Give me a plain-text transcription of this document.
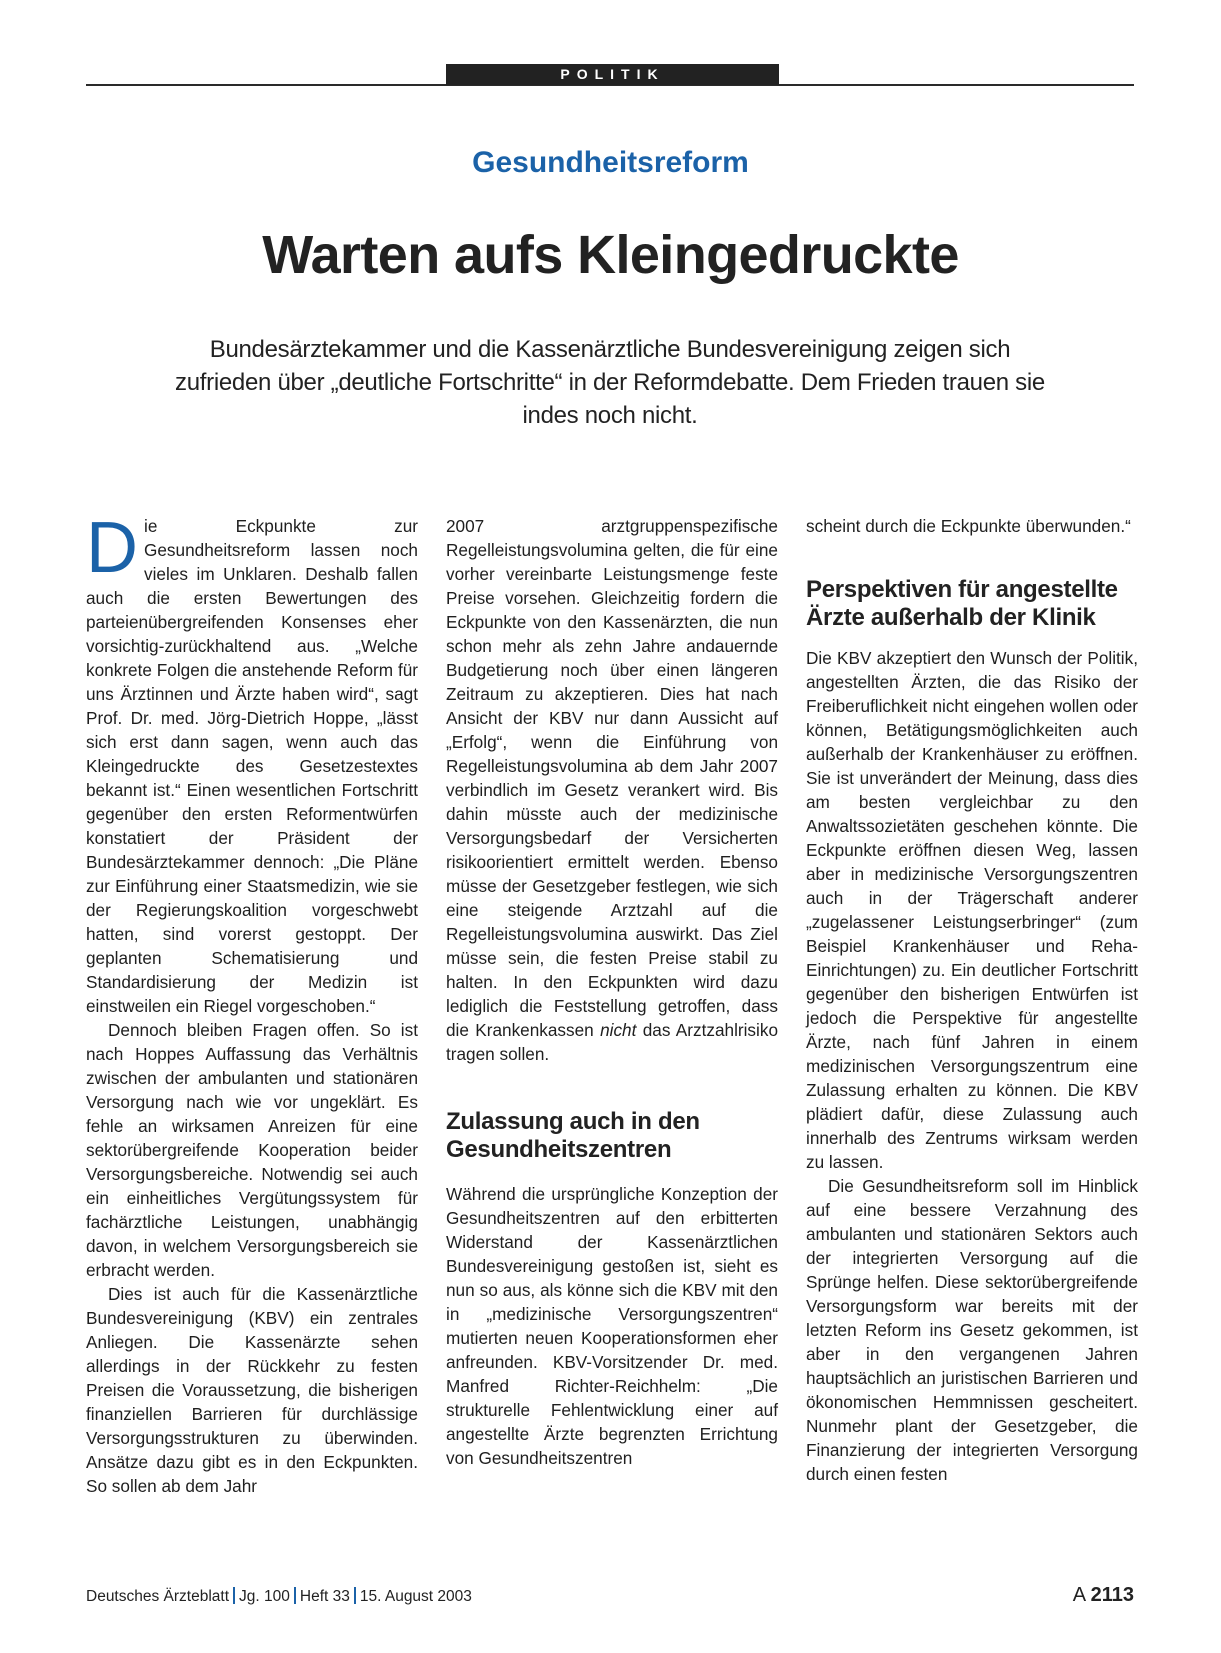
POLITIK
Gesundheitsreform
Warten aufs Kleingedruckte
Bundesärztekammer und die Kassenärztliche Bundesvereinigung zeigen sich zufrieden über „deutliche Fortschritte“ in der Reformdebatte. Dem Frieden trauen sie indes noch nicht.

Die Eckpunkte zur Gesundheitsreform lassen noch vieles im Unklaren. Deshalb fallen auch die ersten Bewertungen des parteienübergreifenden Konsenses eher vorsichtig-zurückhaltend aus. „Welche konkrete Folgen die anstehende Reform für uns Ärztinnen und Ärzte haben wird“, sagt Prof. Dr. med. Jörg-Dietrich Hoppe, „lässt sich erst dann sagen, wenn auch das Kleingedruckte des Gesetzestextes bekannt ist.“ Einen wesentlichen Fortschritt gegenüber den ersten Reformentwürfen konstatiert der Präsident der Bundesärztekammer dennoch: „Die Pläne zur Einführung einer Staatsmedizin, wie sie der Regierungskoalition vorgeschwebt hatten, sind vorerst gestoppt. Der geplanten Schematisierung und Standardisierung der Medizin ist einstweilen ein Riegel vorgeschoben.“

Dennoch bleiben Fragen offen. So ist nach Hoppes Auffassung das Verhältnis zwischen der ambulanten und stationären Versorgung nach wie vor ungeklärt. Es fehle an wirksamen Anreizen für eine sektorübergreifende Kooperation beider Versorgungsbereiche. Notwendig sei auch ein einheitliches Vergütungssystem für fachärztliche Leistungen, unabhängig davon, in welchem Versorgungsbereich sie erbracht werden.

Dies ist auch für die Kassenärztliche Bundesvereinigung (KBV) ein zentrales Anliegen. Die Kassenärzte sehen allerdings in der Rückkehr zu festen Preisen die Voraussetzung, die bisherigen finanziellen Barrieren für durchlässige Versorgungsstrukturen zu überwinden. Ansätze dazu gibt es in den Eckpunkten. So sollen ab dem Jahr

2007 arztgruppenspezifische Regelleistungsvolumina gelten, die für eine vorher vereinbarte Leistungsmenge feste Preise vorsehen. Gleichzeitig fordern die Eckpunkte von den Kassenärzten, die nun schon mehr als zehn Jahre andauernde Budgetierung noch über einen längeren Zeitraum zu akzeptieren. Dies hat nach Ansicht der KBV nur dann Aussicht auf „Erfolg“, wenn die Einführung von Regelleistungsvolumina ab dem Jahr 2007 verbindlich im Gesetz verankert wird. Bis dahin müsste auch der medizinische Versorgungsbedarf der Versicherten risikoorientiert ermittelt werden. Ebenso müsse der Gesetzgeber festlegen, wie sich eine steigende Arztzahl auf die Regelleistungsvolumina auswirkt. Das Ziel müsse sein, die festen Preise stabil zu halten. In den Eckpunkten wird dazu lediglich die Feststellung getroffen, dass die Krankenkassen nicht das Arztzahlrisiko tragen sollen.

Zulassung auch in den Gesundheitszentren

Während die ursprüngliche Konzeption der Gesundheitszentren auf den erbitterten Widerstand der Kassenärztlichen Bundesvereinigung gestoßen ist, sieht es nun so aus, als könne sich die KBV mit den in „medizinische Versorgungszentren“ mutierten neuen Kooperationsformen eher anfreunden. KBV-Vorsitzender Dr. med. Manfred Richter-Reichhelm: „Die strukturelle Fehlentwicklung einer auf angestellte Ärzte begrenzten Errichtung von Gesundheitszentren

scheint durch die Eckpunkte überwunden.“

Perspektiven für angestellte Ärzte außerhalb der Klinik

Die KBV akzeptiert den Wunsch der Politik, angestellten Ärzten, die das Risiko der Freiberuflichkeit nicht eingehen wollen oder können, Betätigungsmöglichkeiten auch außerhalb der Krankenhäuser zu eröffnen. Sie ist unverändert der Meinung, dass dies am besten vergleichbar zu den Anwaltssozietäten geschehen könnte. Die Eckpunkte eröffnen diesen Weg, lassen aber in medizinische Versorgungszentren auch in der Trägerschaft anderer „zugelassener Leistungserbringer“ (zum Beispiel Krankenhäuser und Reha-Einrichtungen) zu. Ein deutlicher Fortschritt gegenüber den bisherigen Entwürfen ist jedoch die Perspektive für angestellte Ärzte, nach fünf Jahren in einem medizinischen Versorgungszentrum eine Zulassung erhalten zu können. Die KBV plädiert dafür, diese Zulassung auch innerhalb des Zentrums wirksam werden zu lassen.

Die Gesundheitsreform soll im Hinblick auf eine bessere Verzahnung des ambulanten und stationären Sektors auch der integrierten Versorgung auf die Sprünge helfen. Diese sektorübergreifende Versorgungsform war bereits mit der letzten Reform ins Gesetz gekommen, ist aber in den vergangenen Jahren hauptsächlich an juristischen Barrieren und ökonomischen Hemmnissen gescheitert. Nunmehr plant der Gesetzgeber, die Finanzierung der integrierten Versorgung durch einen festen

Deutsches Ärzteblatt Jg. 100 Heft 33 15. August 2003	A 2113
